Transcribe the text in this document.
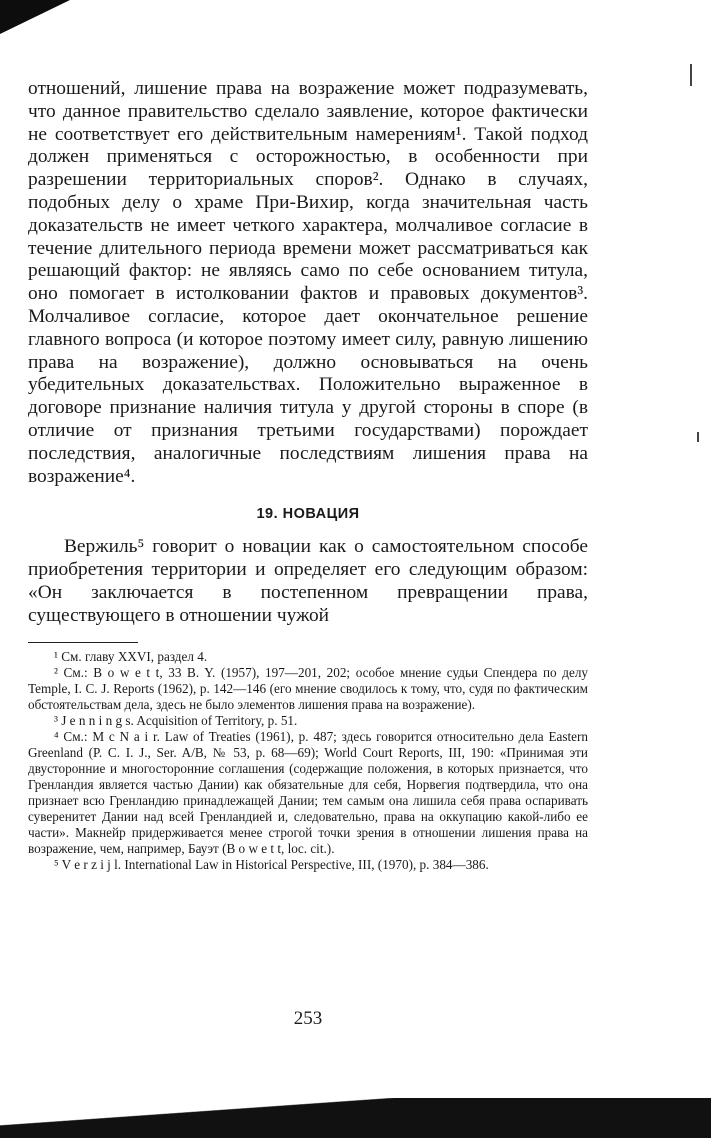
отношений, лишение права на возражение может подразумевать, что данное правительство сделало заявление, которое фактически не соответствует его действительным намерениям¹. Такой подход должен применяться с осторожностью, в особенности при разрешении территориальных споров². Однако в случаях, подобных делу о храме При-Вихир, когда значительная часть доказательств не имеет четкого характера, молчаливое согласие в течение длительного периода времени может рассматриваться как решающий фактор: не являясь само по себе основанием титула, оно помогает в истолковании фактов и правовых документов³. Молчаливое согласие, которое дает окончательное решение главного вопроса (и которое поэтому имеет силу, равную лишению права на возражение), должно основываться на очень убедительных доказательствах. Положительно выраженное в договоре признание наличия титула у другой стороны в споре (в отличие от признания третьими государствами) порождает последствия, аналогичные последствиям лишения права на возражение⁴.

19. НОВАЦИЯ

Вержиль⁵ говорит о новации как о самостоятельном способе приобретения территории и определяет его следующим образом: «Он заключается в постепенном превращении права, существующего в отношении чужой

¹ См. главу XXVI, раздел 4.

² См.: B o w e t t, 33 B. Y. (1957), 197—201, 202; особое мнение судьи Спендера по делу Temple, I. C. J. Reports (1962), p. 142—146 (его мнение сводилось к тому, что, судя по фактическим обстоятельствам дела, здесь не было элементов лишения права на возражение).

³ J e n n i n g s. Acquisition of Territory, p. 51.

⁴ См.: M c N a i r. Law of Treaties (1961), p. 487; здесь говорится относительно дела Eastern Greenland (P. C. I. J., Ser. A/B, № 53, p. 68—69); World Court Reports, III, 190: «Принимая эти двусторонние и многосторонние соглашения (содержащие положения, в которых признается, что Гренландия является частью Дании) как обязательные для себя, Норвегия подтвердила, что она признает всю Гренландию принадлежащей Дании; тем самым она лишила себя права оспаривать суверенитет Дании над всей Гренландией и, следовательно, права на оккупацию какой-либо ее части». Макнейр придерживается менее строгой точки зрения в отношении лишения права на возражение, чем, например, Бауэт (B o w e t t, loc. cit.).

⁵ V e r z i j l. International Law in Historical Perspective, III, (1970), p. 384—386.

253
